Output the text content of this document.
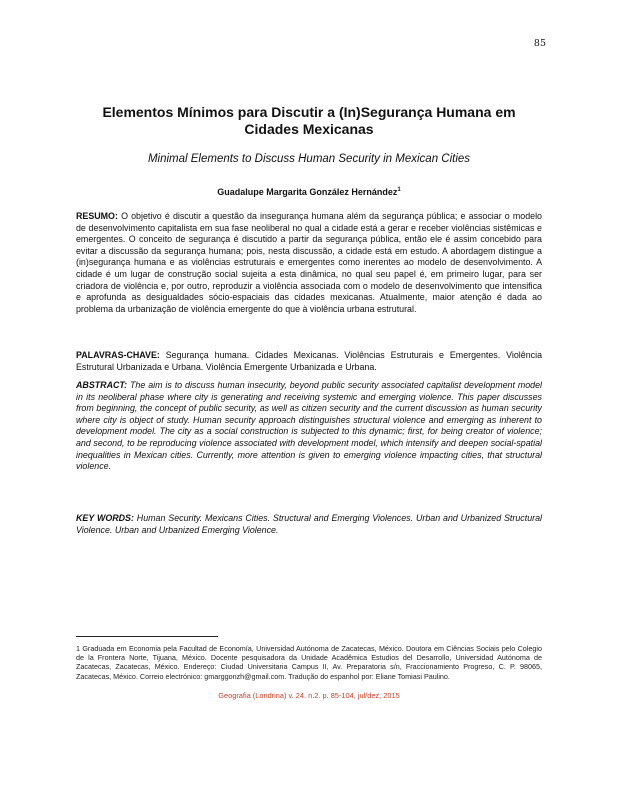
85
Elementos Mínimos para Discutir a (In)Segurança Humana em Cidades Mexicanas
Minimal Elements to Discuss Human Security in Mexican Cities
Guadalupe Margarita González Hernández$^1$
RESUMO: O objetivo é discutir a questão da insegurança humana além da segurança pública; e associar o modelo de desenvolvimento capitalista em sua fase neoliberal no qual a cidade está a gerar e receber violências sistêmicas e emergentes. O conceito de segurança é discutido a partir da segurança pública, então ele é assim concebido para evitar a discussão da segurança humana; pois, nesta discussão, a cidade está em estudo. A abordagem distingue a (in)segurança humana e as violências estruturais e emergentes como inerentes ao modelo de desenvolvimento. A cidade é um lugar de construção social sujeita a esta dinâmica, no qual seu papel é, em primeiro lugar, para ser criadora de violência e, por outro, reproduzir a violência associada com o modelo de desenvolvimento que intensifica e aprofunda as desigualdades sócio-espaciais das cidades mexicanas. Atualmente, maior atenção é dada ao problema da urbanização de violência emergente do que à violência urbana estrutural.
PALAVRAS-CHAVE: Segurança humana. Cidades Mexicanas. Violências Estruturais e Emergentes. Violência Estrutural Urbanizada e Urbana. Violência Emergente Urbanizada e Urbana.
ABSTRACT: The aim is to discuss human insecurity, beyond public security associated capitalist development model in its neoliberal phase where city is generating and receiving systemic and emerging violence. This paper discusses from beginning, the concept of public security, as well as citizen security and the current discussion as human security where city is object of study. Human security approach distinguishes structural violence and emerging as inherent to development model. The city as a social construction is subjected to this dynamic; first, for being creator of violence; and second, to be reproducing violence associated with development model, which intensify and deepen social-spatial inequalities in Mexican cities. Currently, more attention is given to emerging violence impacting cities, that structural violence.
KEY WORDS: Human Security. Mexicans Cities. Structural and Emerging Violences. Urban and Urbanized Structural Violence. Urban and Urbanized Emerging Violence.
1 Graduada em Economia pela Facultad de Economía, Universidad Autónoma de Zacatecas, México. Doutora em Ciências Sociais pelo Colegio de la Frontera Norte, Tijuana, México. Docente pesquisadora da Unidade Acadêmica Estudios del Desarrollo, Universidad Autónoma de Zacatecas, Zacatecas, México. Endereço: Ciudad Universitaria Campus II, Av. Preparatoria s/n, Fraccionamiento Progreso, C. P. 98065, Zacatecas, México. Correio electrónico: gmarggonzh@gmail.com. Tradução do espanhol por: Eliane Tomiasi Paulino.
Geografia (Londrina) v. 24. n.2. p. 85-104, jul/dez, 2015
